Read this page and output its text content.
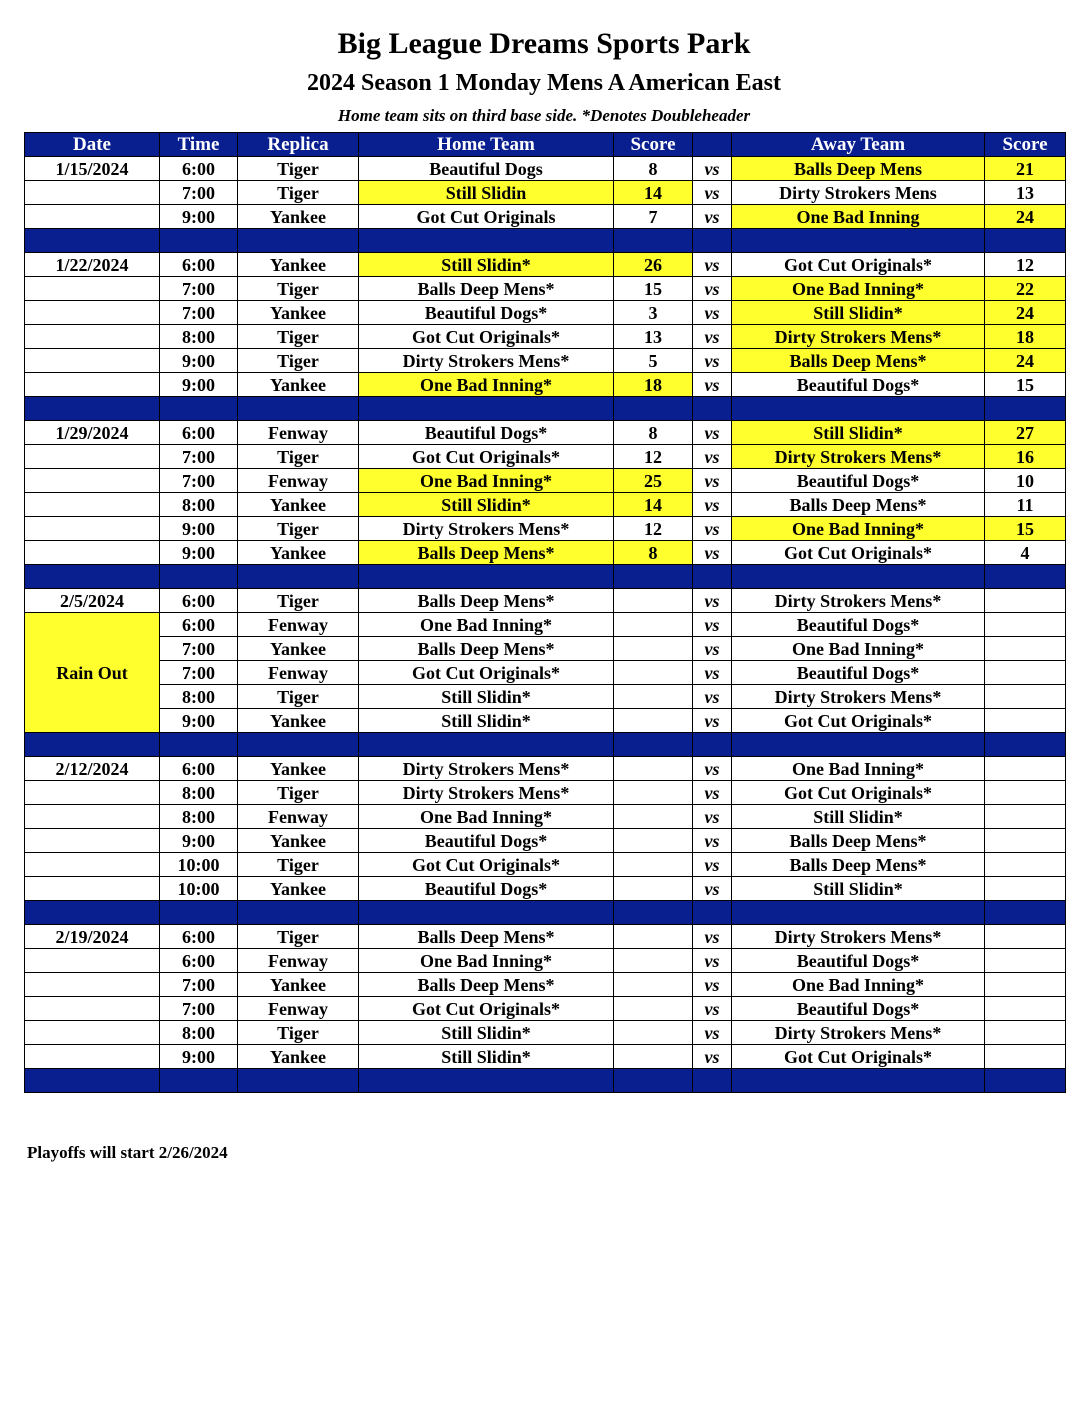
Big League Dreams Sports Park
2024 Season 1 Monday Mens A American East
Home team sits on third base side. *Denotes Doubleheader
Date	Time	Replica	Home Team	Score		Away Team	Score
1/15/2024	6:00	Tiger	Beautiful Dogs	8	vs	Balls Deep Mens	21
	7:00	Tiger	Still Slidin	14	vs	Dirty Strokers Mens	13
	9:00	Yankee	Got Cut Originals	7	vs	One Bad Inning	24

1/22/2024	6:00	Yankee	Still Slidin*	26	vs	Got Cut Originals*	12
	7:00	Tiger	Balls Deep Mens*	15	vs	One Bad Inning*	22
	7:00	Yankee	Beautiful Dogs*	3	vs	Still Slidin*	24
	8:00	Tiger	Got Cut Originals*	13	vs	Dirty Strokers Mens*	18
	9:00	Tiger	Dirty Strokers Mens*	5	vs	Balls Deep Mens*	24
	9:00	Yankee	One Bad Inning*	18	vs	Beautiful Dogs*	15

1/29/2024	6:00	Fenway	Beautiful Dogs*	8	vs	Still Slidin*	27
	7:00	Tiger	Got Cut Originals*	12	vs	Dirty Strokers Mens*	16
	7:00	Fenway	One Bad Inning*	25	vs	Beautiful Dogs*	10
	8:00	Yankee	Still Slidin*	14	vs	Balls Deep Mens*	11
	9:00	Tiger	Dirty Strokers Mens*	12	vs	One Bad Inning*	15
	9:00	Yankee	Balls Deep Mens*	8	vs	Got Cut Originals*	4

2/5/2024	6:00	Tiger	Balls Deep Mens*		vs	Dirty Strokers Mens*	
Rain Out	6:00	Fenway	One Bad Inning*		vs	Beautiful Dogs*	
	7:00	Yankee	Balls Deep Mens*		vs	One Bad Inning*	
	7:00	Fenway	Got Cut Originals*		vs	Beautiful Dogs*	
	8:00	Tiger	Still Slidin*		vs	Dirty Strokers Mens*	
	9:00	Yankee	Still Slidin*		vs	Got Cut Originals*	

2/12/2024	6:00	Yankee	Dirty Strokers Mens*		vs	One Bad Inning*	
	8:00	Tiger	Dirty Strokers Mens*		vs	Got Cut Originals*	
	8:00	Fenway	One Bad Inning*		vs	Still Slidin*	
	9:00	Yankee	Beautiful Dogs*		vs	Balls Deep Mens*	
	10:00	Tiger	Got Cut Originals*		vs	Balls Deep Mens*	
	10:00	Yankee	Beautiful Dogs*		vs	Still Slidin*	

2/19/2024	6:00	Tiger	Balls Deep Mens*		vs	Dirty Strokers Mens*	
	6:00	Fenway	One Bad Inning*		vs	Beautiful Dogs*	
	7:00	Yankee	Balls Deep Mens*		vs	One Bad Inning*	
	7:00	Fenway	Got Cut Originals*		vs	Beautiful Dogs*	
	8:00	Tiger	Still Slidin*		vs	Dirty Strokers Mens*	
	9:00	Yankee	Still Slidin*		vs	Got Cut Originals*	

Playoffs will start 2/26/2024
